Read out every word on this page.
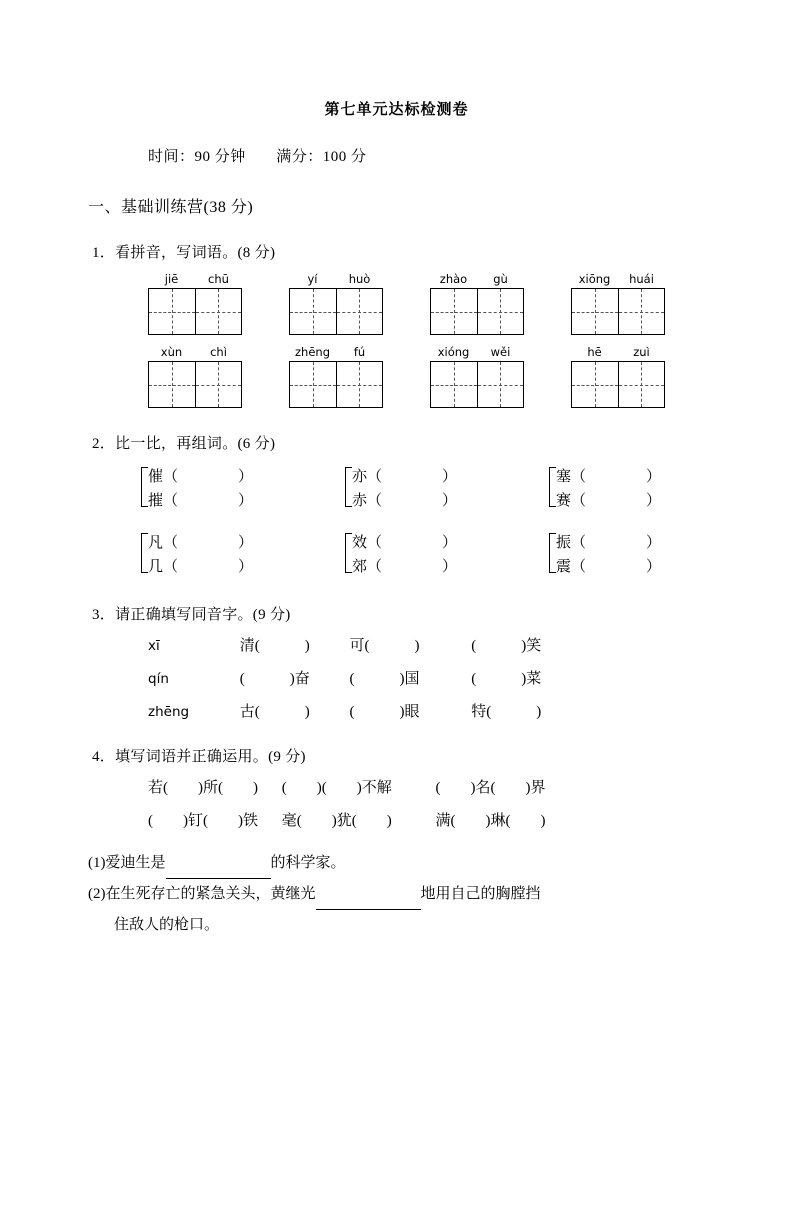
第七单元达标检测卷
时间：90 分钟 满分：100 分
一、基础训练营(38 分)
1．看拼音，写词语。(8 分)
jiē	chū	yí	huò	zhào	gù	xiōng	huái
xùn	chì	zhēng	fú	xióng	wěi	hē	zuì
2．比一比，再组词。(6 分)
催（　　　　）
摧（　　　　）
亦（　　　　）
赤（　　　　）
塞（　　　　）
赛（　　　　）
凡（　　　　）
几（　　　　）
效（　　　　）
郊（　　　　）
振（　　　　）
震（　　　　）
3．请正确填写同音字。(9 分)
xī	清(　　　)	可(　　　)	(　　　)笑
qín	(　　　)奋	(　　　)国	(　　　)菜
zhēng	古(　　　)	(　　　)眼	特(　　　)
4．填写词语并正确运用。(9 分)
若(　　)所(　　) (　　)(　　)不解	(　　)名(　　)界
(　　)钉(　　)铁 毫(　　)犹(　　)	满(　　)琳(　　)
(1)爱迪生是　　　　　　　	的科学家。
(2)在生死存亡的紧急关头，黄继光　　　　　　　	地用自己的胸膛挡
住敌人的枪口。
